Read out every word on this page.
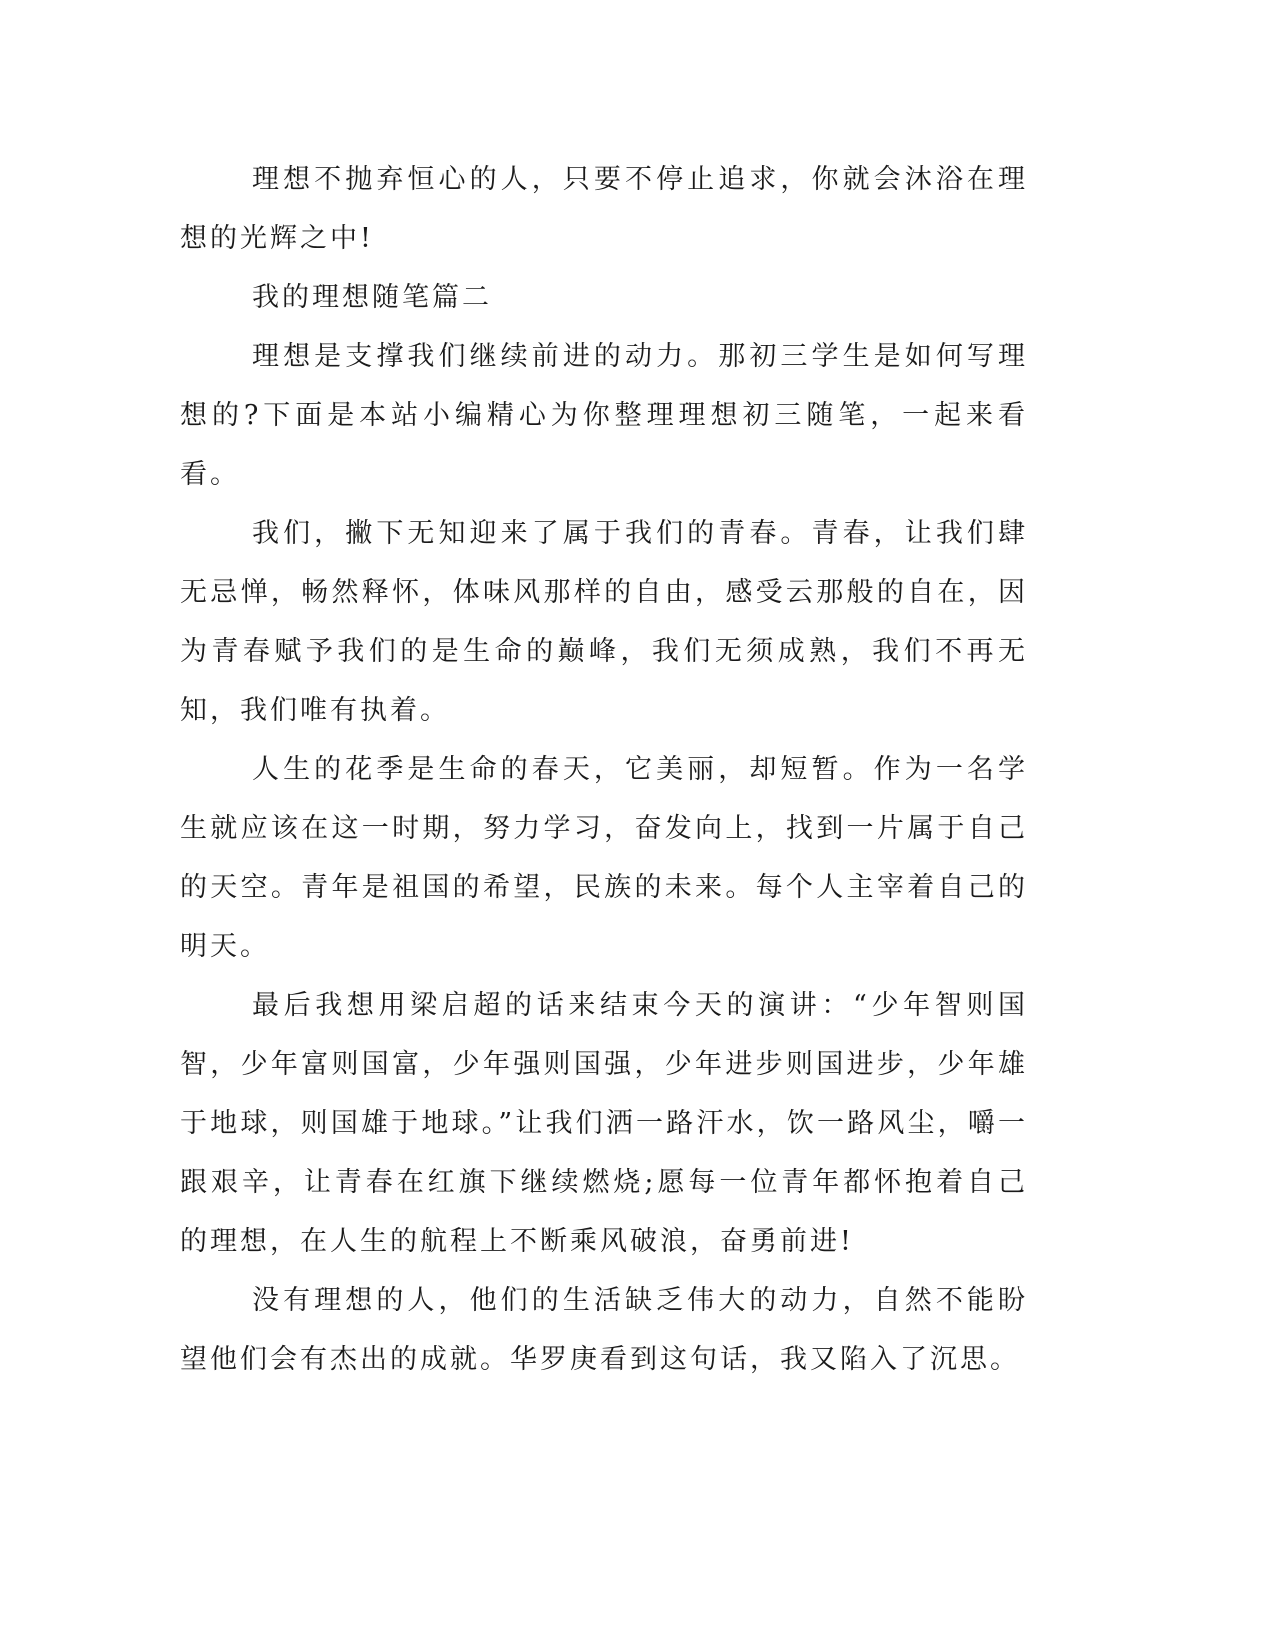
理想不抛弃恒心的人，只要不停止追求，你就会沐浴在理想的光辉之中!

我的理想随笔篇二

理想是支撑我们继续前进的动力。那初三学生是如何写理想的?下面是本站小编精心为你整理理想初三随笔，一起来看看。

我们，撇下无知迎来了属于我们的青春。青春，让我们肆无忌惮，畅然释怀，体味风那样的自由，感受云那般的自在，因为青春赋予我们的是生命的巅峰，我们无须成熟，我们不再无知，我们唯有执着。

人生的花季是生命的春天，它美丽，却短暂。作为一名学生就应该在这一时期，努力学习，奋发向上，找到一片属于自己的天空。青年是祖国的希望，民族的未来。每个人主宰着自己的明天。

最后我想用梁启超的话来结束今天的演讲：“少年智则国智，少年富则国富，少年强则国强，少年进步则国进步，少年雄于地球，则国雄于地球。”让我们洒一路汗水，饮一路风尘，嚼一跟艰辛，让青春在红旗下继续燃烧;愿每一位青年都怀抱着自己的理想，在人生的航程上不断乘风破浪，奋勇前进!

没有理想的人，他们的生活缺乏伟大的动力，自然不能盼望他们会有杰出的成就。华罗庚看到这句话，我又陷入了沉思。
